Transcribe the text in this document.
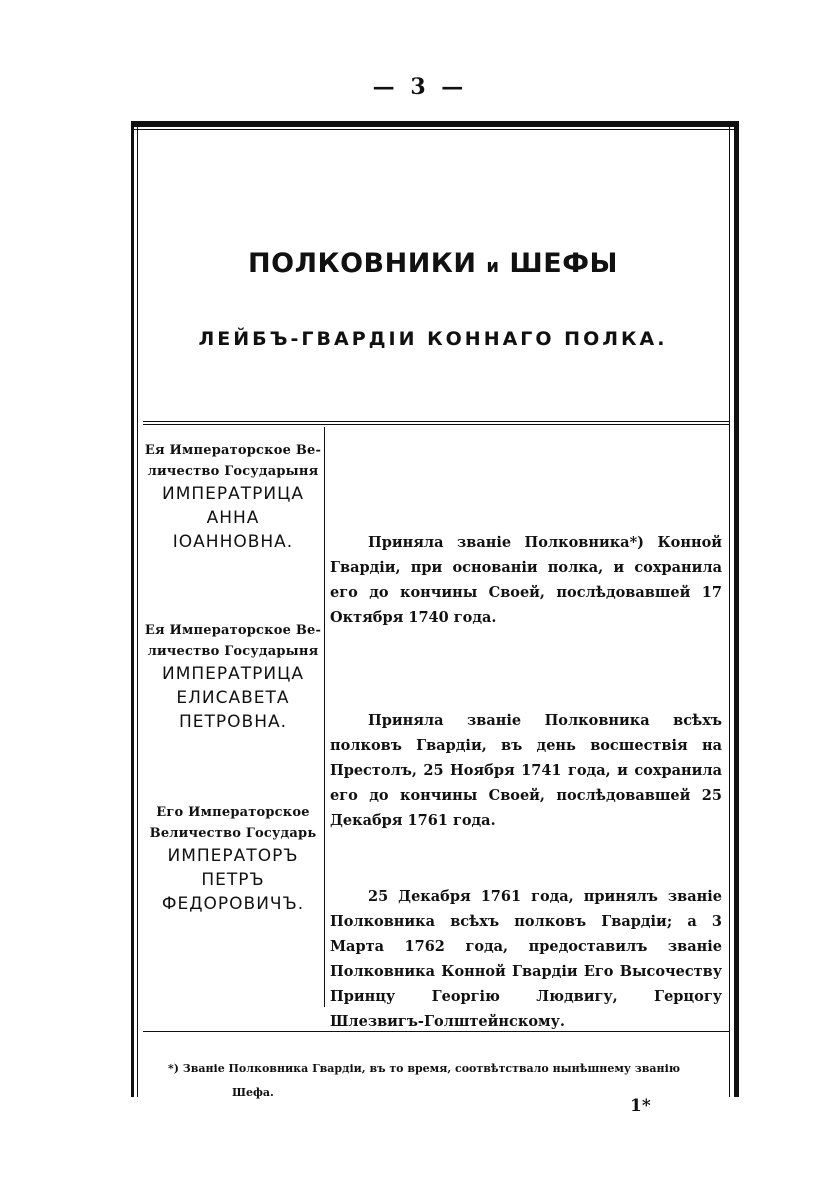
— 3 —
ПОЛКОВНИКИ и ШЕФЫ
ЛЕЙБЪ-ГВАРДІИ КОННАГО ПОЛКА.
Ея Императорское Ве-
личество Государыня
ИМПЕРАТРИЦА
АННА
ІОАННОВНА.	Приняла званіе Полковника*) Конной Гвардіи, при основаніи полка, и сохранила его до кончины Своей, послѣдовавшей 17 Октября 1740 года.
Ея Императорское Ве-
личество Государыня
ИМПЕРАТРИЦА
ЕЛИСАВЕТА
ПЕТРОВНА.	Приняла званіе Полковника всѣхъ полковъ Гвардіи, въ день восшествія на Престолъ, 25 Ноября 1741 года, и сохранила его до кончины Своей, послѣдовавшей 25 Декабря 1761 года.
Его Императорское
Величество Государь
ИМПЕРАТОРЪ
ПЕТРЪ
ФЕДОРОВИЧЪ.	25 Декабря 1761 года, принялъ званіе Полковника всѣхъ полковъ Гвардіи; а 3 Марта 1762 года, предоставилъ званіе Полковника Конной Гвардіи Его Высочеству Принцу Георгію Людвигу, Герцогу Шлезвигъ-Голштейнскому.
*) Званіе Полковника Гвардіи, въ то время, соотвѣтствало нынѣшнему званію
Шефа.
1*
